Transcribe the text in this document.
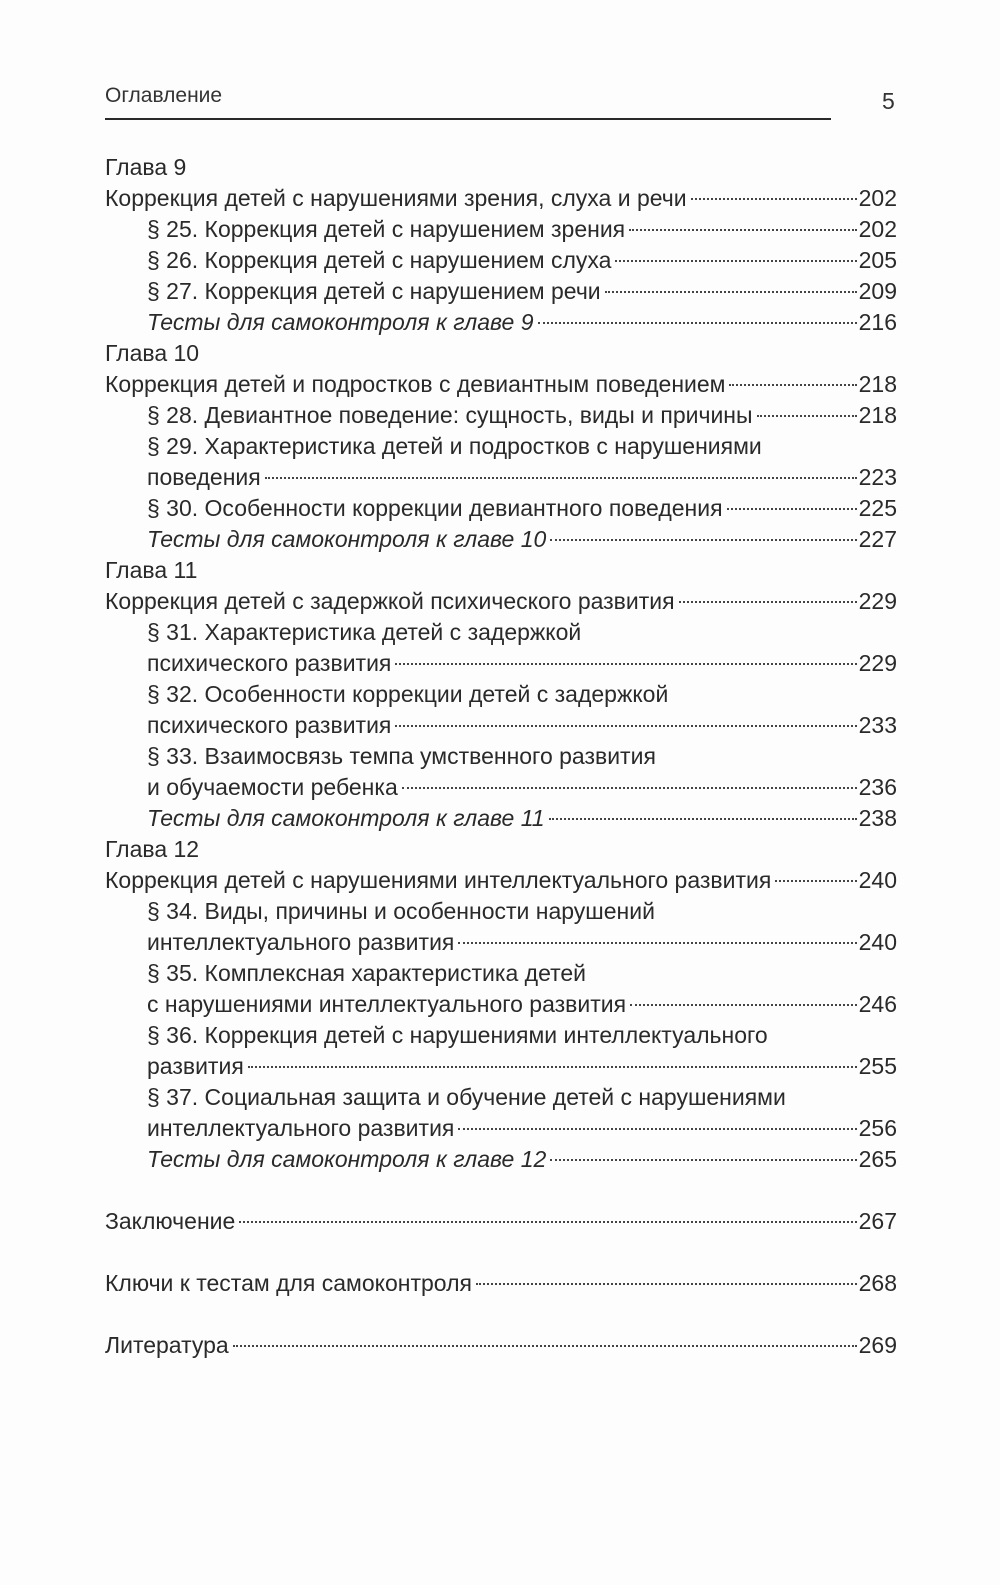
Оглавление	5
Глава 9
Коррекция детей с нарушениями зрения, слуха и речи	202
§ 25. Коррекция детей с нарушением зрения	202
§ 26. Коррекция детей с нарушением слуха	205
§ 27. Коррекция детей с нарушением речи	209
Тесты для самоконтроля к главе 9	216
Глава 10
Коррекция детей и подростков с девиантным поведением	218
§ 28. Девиантное поведение: сущность, виды и причины	218
§ 29. Характеристика детей и подростков с нарушениями
поведения	223
§ 30. Особенности коррекции девиантного поведения	225
Тесты для самоконтроля к главе 10	227
Глава 11
Коррекция детей с задержкой психического развития	229
§ 31. Характеристика детей с задержкой
психического развития	229
§ 32. Особенности коррекции детей с задержкой
психического развития	233
§ 33. Взаимосвязь темпа умственного развития
и обучаемости ребенка	236
Тесты для самоконтроля к главе 11	238
Глава 12
Коррекция детей с нарушениями интеллектуального развития	240
§ 34. Виды, причины и особенности нарушений
интеллектуального развития	240
§ 35. Комплексная характеристика детей
с нарушениями интеллектуального развития	246
§ 36. Коррекция детей с нарушениями интеллектуального
развития	255
§ 37. Социальная защита и обучение детей с нарушениями
интеллектуального развития	256
Тесты для самоконтроля к главе 12	265
Заключение	267
Ключи к тестам для самоконтроля	268
Литература	269
